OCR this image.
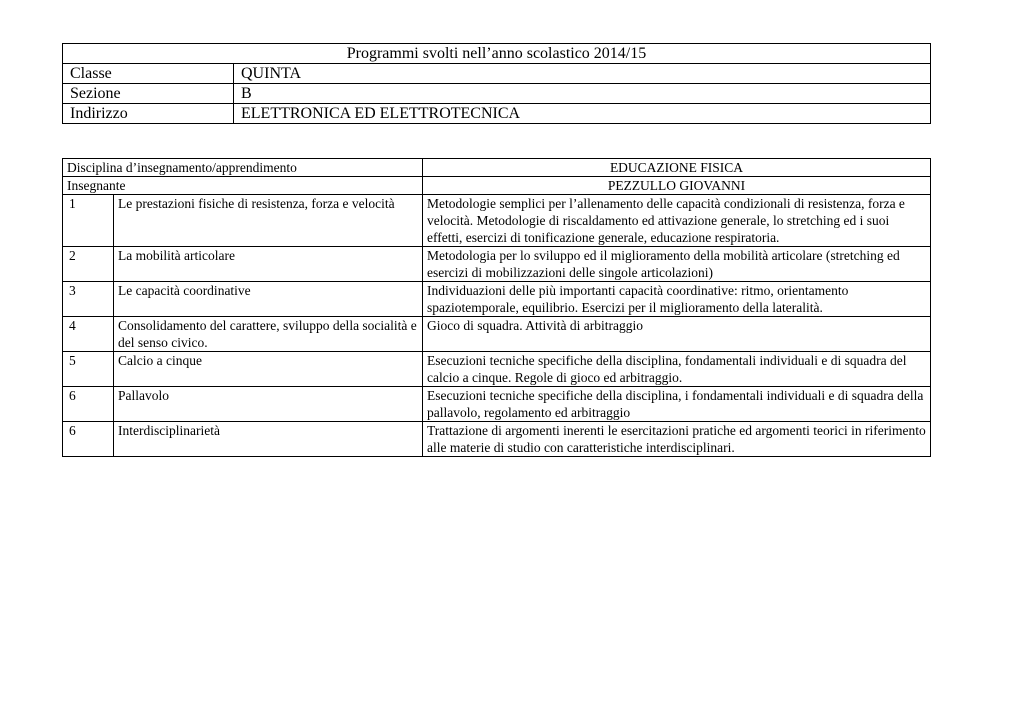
Programmi svolti nell’anno scolastico 2014/15	
Classe	QUINTA
Sezione	B
Indirizzo	ELETTRONICA ED ELETTROTECNICA
Disciplina d’insegnamento/apprendimento		EDUCAZIONE FISICA
Insegnante		PEZZULLO GIOVANNI
1	Le prestazioni fisiche di resistenza, forza e velocità	Metodologie semplici per l’allenamento delle capacità condizionali di resistenza, forza e velocità. Metodologie di riscaldamento ed attivazione generale, lo stretching ed i suoi effetti, esercizi di tonificazione generale, educazione respiratoria.
2	La mobilità articolare	Metodologia per lo sviluppo ed il miglioramento della mobilità articolare (stretching ed esercizi di mobilizzazioni delle singole articolazioni)
3	Le capacità coordinative	Individuazioni delle più importanti capacità coordinative: ritmo, orientamento spaziotemporale, equilibrio. Esercizi per il miglioramento della lateralità.
4	Consolidamento del carattere, sviluppo della socialità e del senso civico.	Gioco di squadra. Attività di arbitraggio
5	Calcio a cinque	Esecuzioni tecniche specifiche della disciplina, fondamentali individuali e di squadra del calcio a cinque. Regole di gioco ed arbitraggio.
6	Pallavolo	Esecuzioni tecniche specifiche della disciplina, i fondamentali individuali e di squadra della pallavolo, regolamento ed arbitraggio
6	Interdisciplinarietà	Trattazione di argomenti inerenti le esercitazioni pratiche ed argomenti teorici in riferimento alle materie di studio con caratteristiche interdisciplinari.
